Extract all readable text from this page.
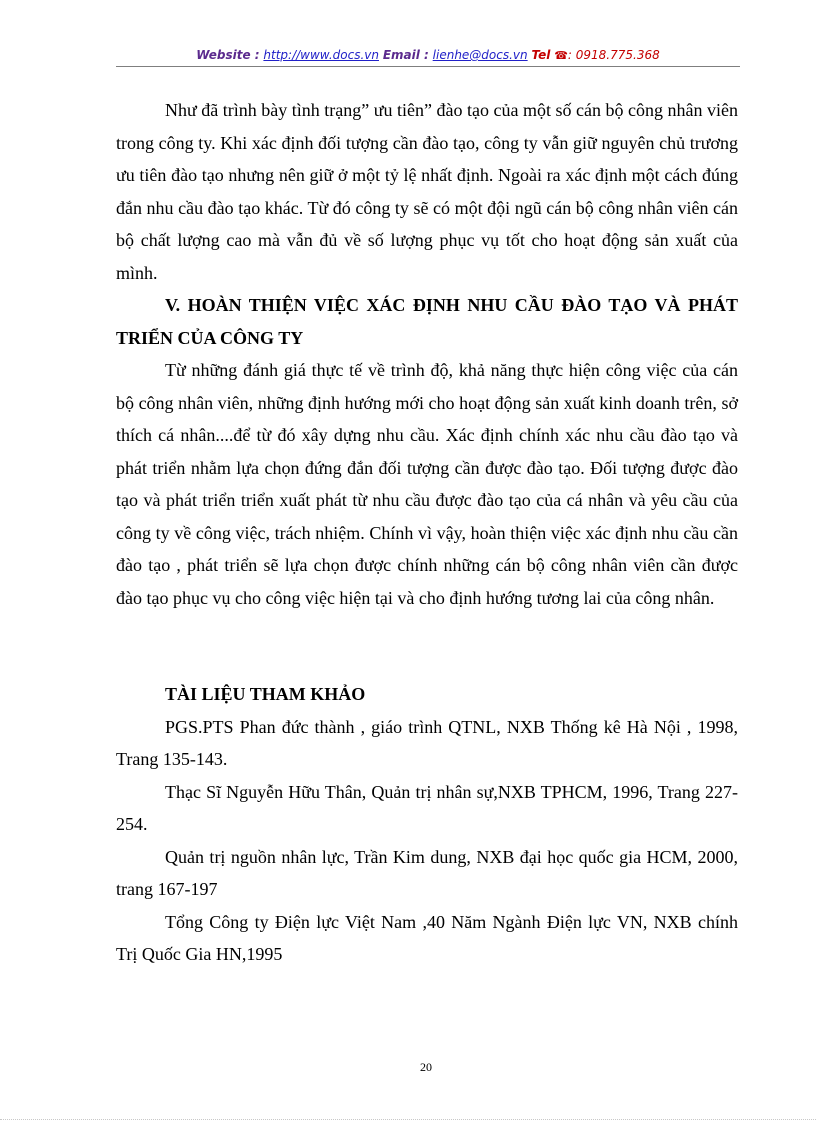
Website : http://www.docs.vn Email : lienhe@docs.vn Tel ☎: 0918.775.368

Như đã trình bày tình trạng” ưu tiên” đào tạo của một số cán bộ công nhân viên trong công ty. Khi xác định đối tượng cần đào tạo, công ty vẫn giữ nguyên chủ trương ưu tiên đào tạo nhưng nên giữ ở một tỷ lệ nhất định. Ngoài ra xác định một cách đúng đắn nhu cầu đào tạo khác. Từ đó công ty sẽ có một đội ngũ cán bộ công nhân viên cán bộ chất lượng cao mà vẫn đủ về số lượng phục vụ tốt cho hoạt động sản xuất của mình.

V. HOÀN THIỆN VIỆC XÁC ĐỊNH NHU CẦU ĐÀO TẠO VÀ PHÁT TRIỂN CỦA CÔNG TY

Từ những đánh giá thực tế về trình độ, khả năng thực hiện công việc của cán bộ công nhân viên, những định hướng mới cho hoạt động sản xuất kinh doanh trên, sở thích cá nhân....để từ đó xây dựng nhu cầu. Xác định chính xác nhu cầu đào tạo và phát triển nhằm lựa chọn đứng đắn đối tượng cần được đào tạo. Đối tượng được đào tạo và phát triển triển xuất phát từ nhu cầu được đào tạo của cá nhân và yêu cầu của công ty về công việc, trách nhiệm. Chính vì vậy, hoàn thiện việc xác định nhu cầu cần đào tạo , phát triển sẽ lựa chọn được chính những cán bộ công nhân viên cần được đào tạo phục vụ cho công việc hiện tại và cho định hướng tương lai của công nhân.

TÀI LIỆU THAM KHẢO

PGS.PTS Phan đức thành , giáo trình QTNL, NXB Thống kê Hà Nội , 1998, Trang 135-143.

Thạc Sĩ Nguyễn Hữu Thân, Quản trị nhân sự,NXB TPHCM, 1996, Trang 227-254.

Quản trị nguồn nhân lực, Trần Kim dung, NXB đại học quốc gia HCM, 2000, trang 167-197

Tổng Công ty Điện lực Việt Nam ,40 Năm Ngành Điện lực VN, NXB chính Trị Quốc Gia HN,1995

20
